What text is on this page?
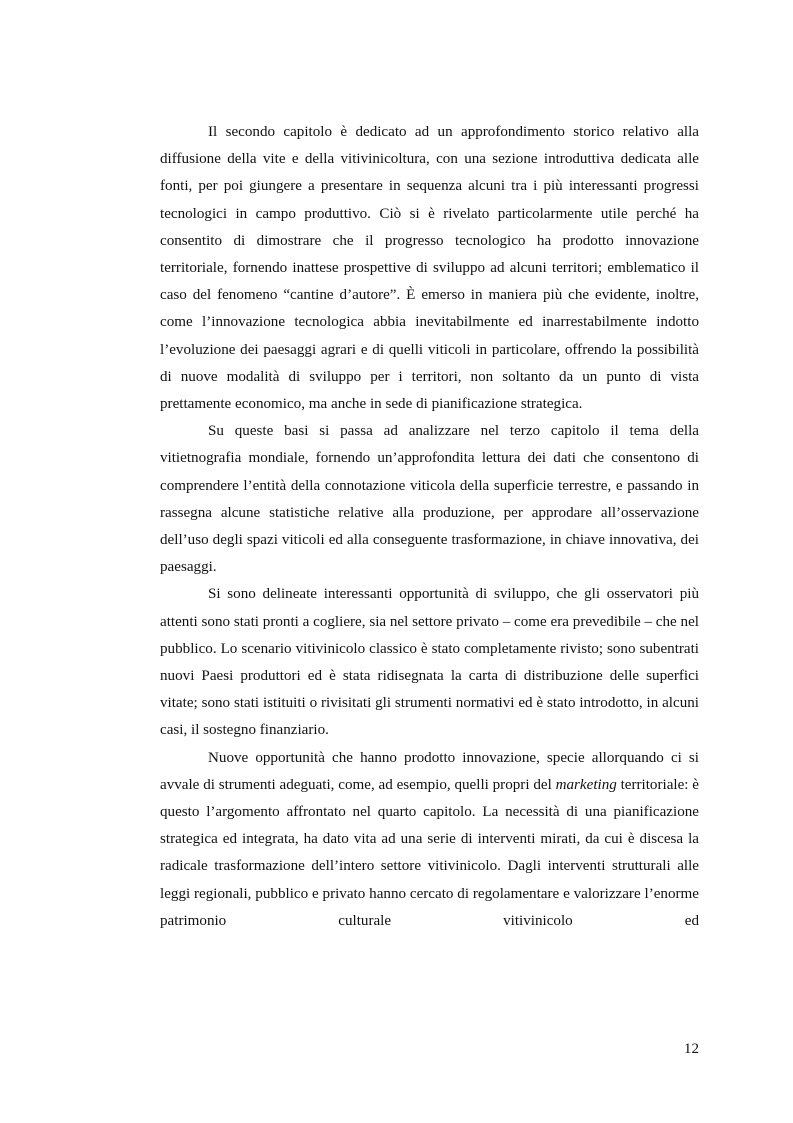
Il secondo capitolo è dedicato ad un approfondimento storico relativo alla diffusione della vite e della vitivinicoltura, con una sezione introduttiva dedicata alle fonti, per poi giungere a presentare in sequenza alcuni tra i più interessanti progressi tecnologici in campo produttivo. Ciò si è rivelato particolarmente utile perché ha consentito di dimostrare che il progresso tecnologico ha prodotto innovazione territoriale, fornendo inattese prospettive di sviluppo ad alcuni territori; emblematico il caso del fenomeno “cantine d’autore”. È emerso in maniera più che evidente, inoltre, come l’innovazione tecnologica abbia inevitabilmente ed inarrestabilmente indotto l’evoluzione dei paesaggi agrari e di quelli viticoli in particolare, offrendo la possibilità di nuove modalità di sviluppo per i territori, non soltanto da un punto di vista prettamente economico, ma anche in sede di pianificazione strategica.

Su queste basi si passa ad analizzare nel terzo capitolo il tema della vitietnografia mondiale, fornendo un’approfondita lettura dei dati che consentono di comprendere l’entità della connotazione viticola della superficie terrestre, e passando in rassegna alcune statistiche relative alla produzione, per approdare all’osservazione dell’uso degli spazi viticoli ed alla conseguente trasformazione, in chiave innovativa, dei paesaggi.

Si sono delineate interessanti opportunità di sviluppo, che gli osservatori più attenti sono stati pronti a cogliere, sia nel settore privato – come era prevedibile – che nel pubblico. Lo scenario vitivinicolo classico è stato completamente rivisto; sono subentrati nuovi Paesi produttori ed è stata ridisegnata la carta di distribuzione delle superfici vitate; sono stati istituiti o rivisitati gli strumenti normativi ed è stato introdotto, in alcuni casi, il sostegno finanziario.

Nuove opportunità che hanno prodotto innovazione, specie allorquando ci si avvale di strumenti adeguati, come, ad esempio, quelli propri del marketing territoriale: è questo l’argomento affrontato nel quarto capitolo. La necessità di una pianificazione strategica ed integrata, ha dato vita ad una serie di interventi mirati, da cui è discesa la radicale trasformazione dell’intero settore vitivinicolo. Dagli interventi strutturali alle leggi regionali, pubblico e privato hanno cercato di regolamentare e valorizzare l’enorme patrimonio culturale vitivinicolo ed

12
